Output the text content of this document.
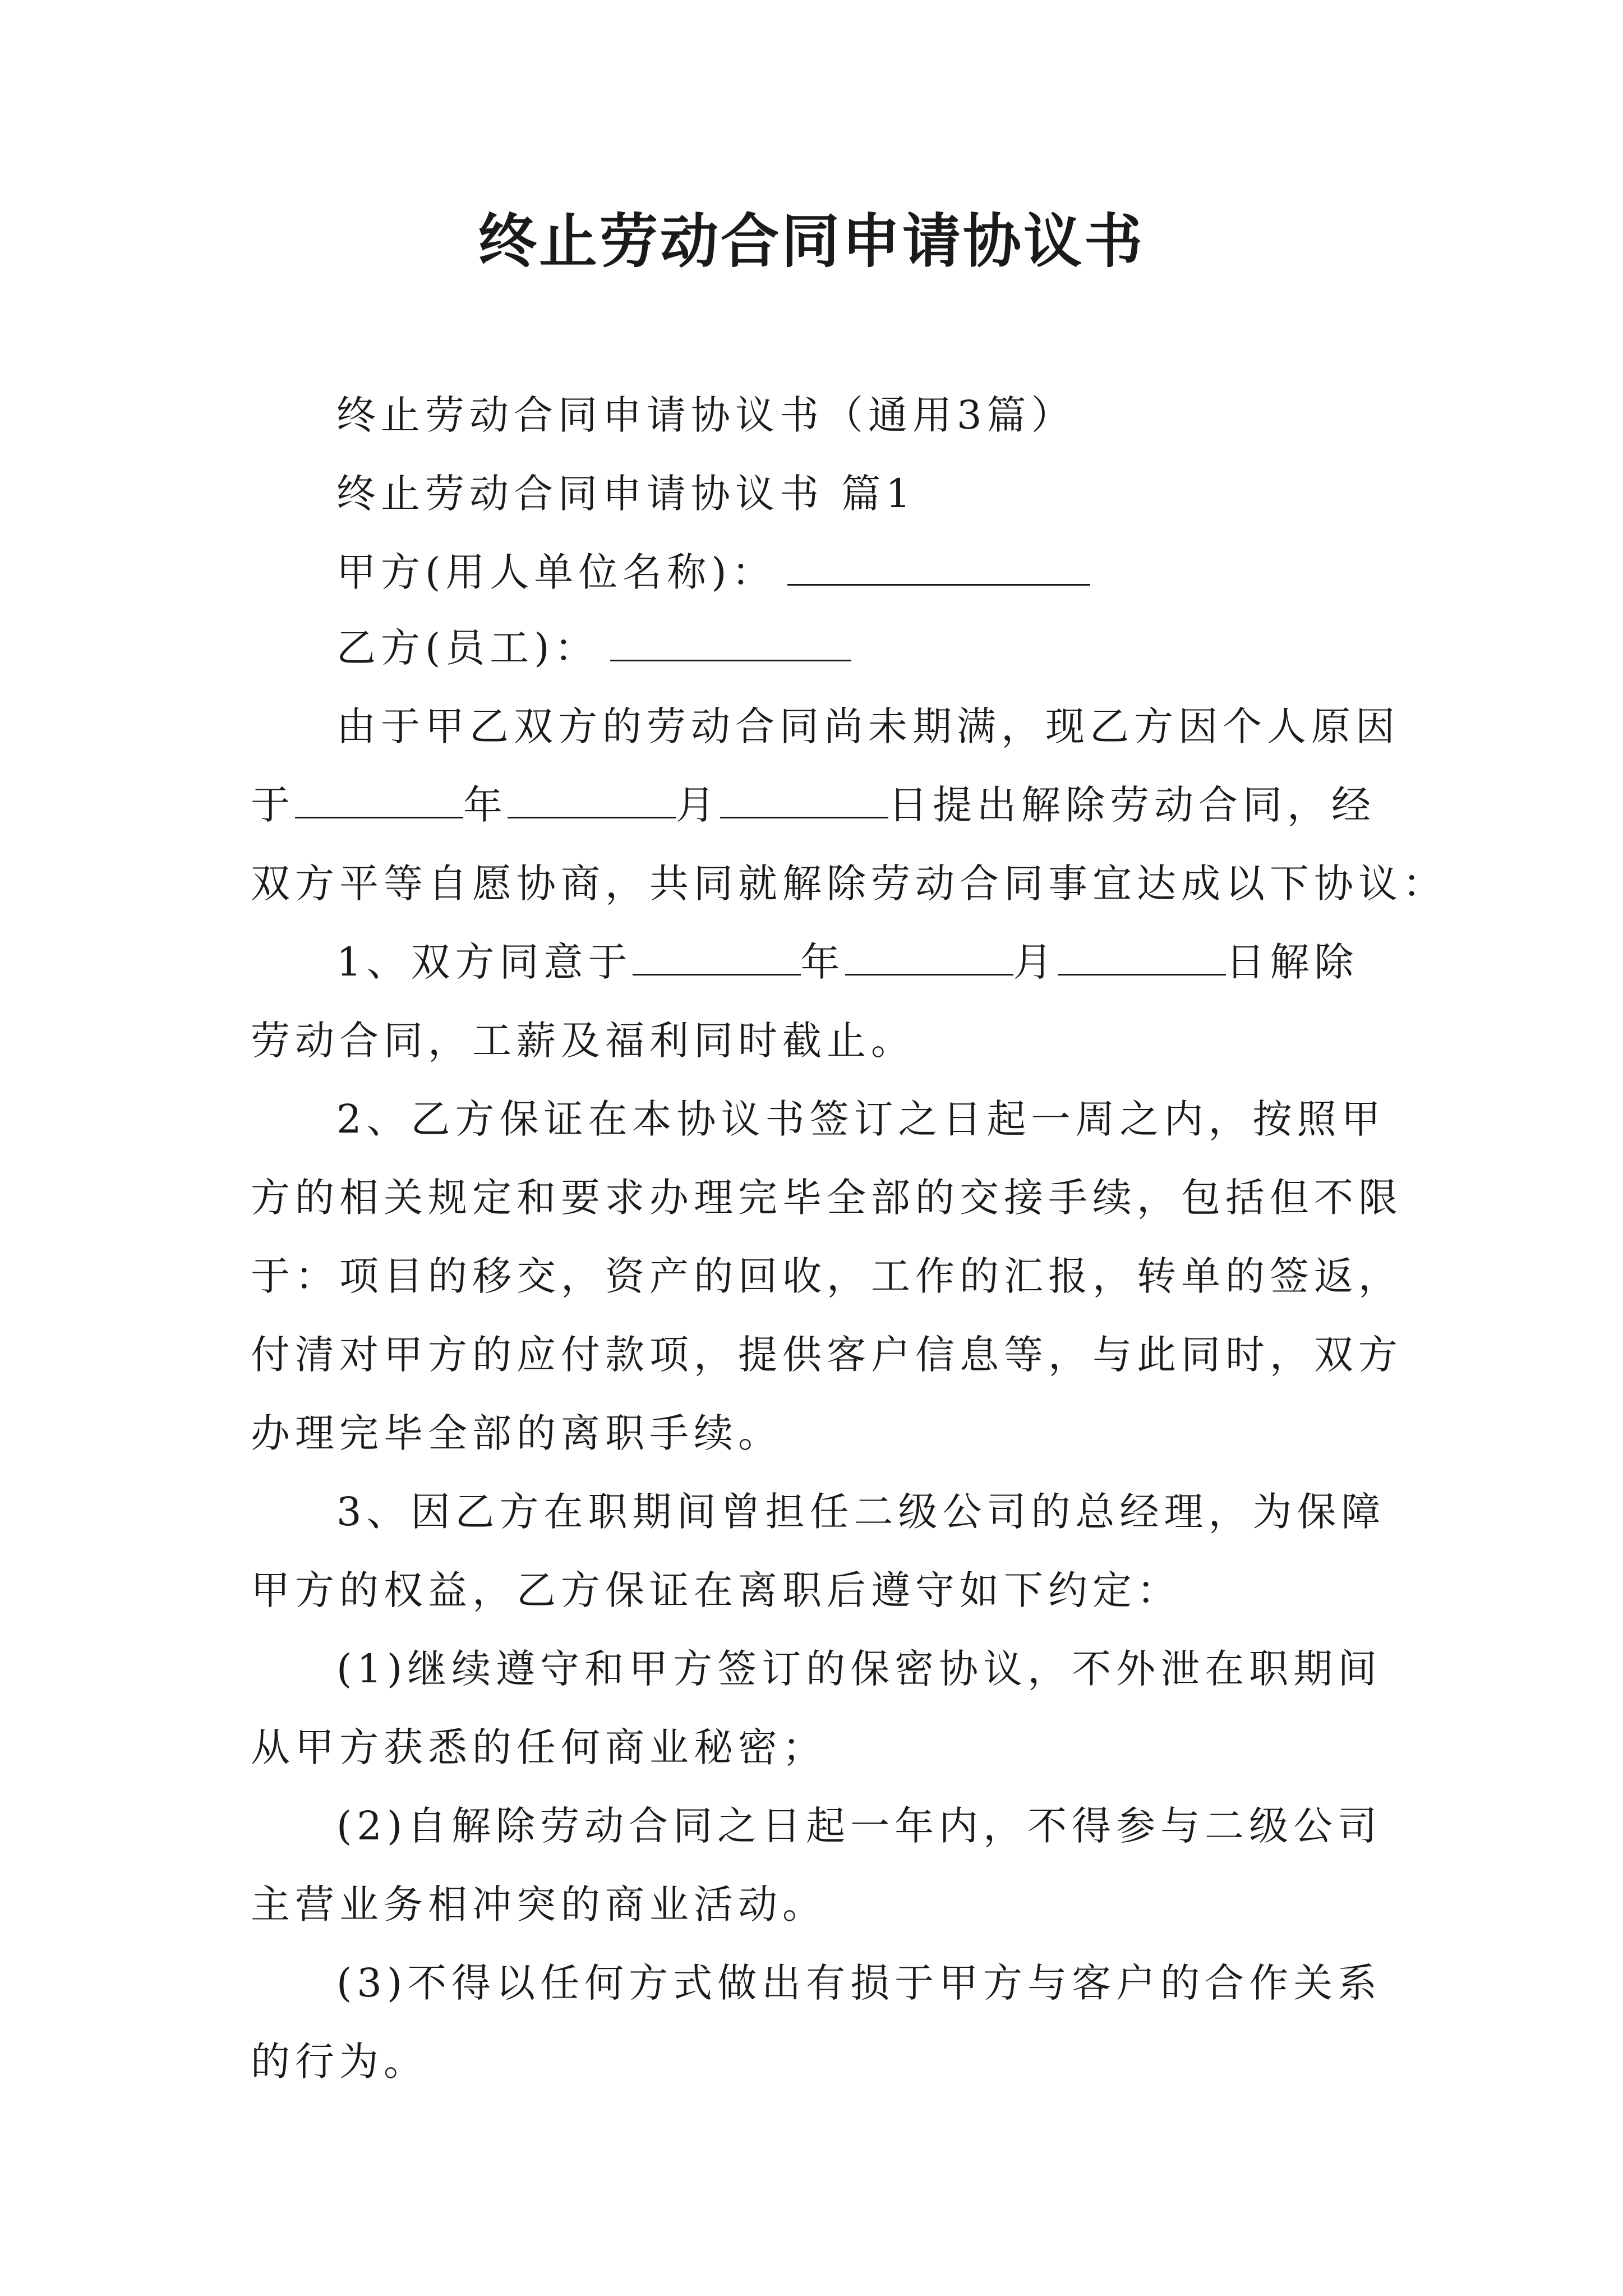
终止劳动合同申请协议书
终止劳动合同申请协议书（通用3篇）
终止劳动合同申请协议书 篇1
甲方(用人单位名称)：
乙方(员工)：
由于甲乙双方的劳动合同尚未期满，现乙方因个人原因
于	年	月	日提出解除劳动合同，经
双方平等自愿协商，共同就解除劳动合同事宜达成以下协议：
1、双方同意于	年	月	日解除
劳动合同，工薪及福利同时截止。
2、乙方保证在本协议书签订之日起一周之内，按照甲
方的相关规定和要求办理完毕全部的交接手续，包括但不限
于：项目的移交，资产的回收，工作的汇报，转单的签返，
付清对甲方的应付款项，提供客户信息等，与此同时，双方
办理完毕全部的离职手续。
3、因乙方在职期间曾担任二级公司的总经理，为保障
甲方的权益，乙方保证在离职后遵守如下约定：
(1)继续遵守和甲方签订的保密协议，不外泄在职期间
从甲方获悉的任何商业秘密；
(2)自解除劳动合同之日起一年内，不得参与二级公司
主营业务相冲突的商业活动。
(3)不得以任何方式做出有损于甲方与客户的合作关系
的行为。
